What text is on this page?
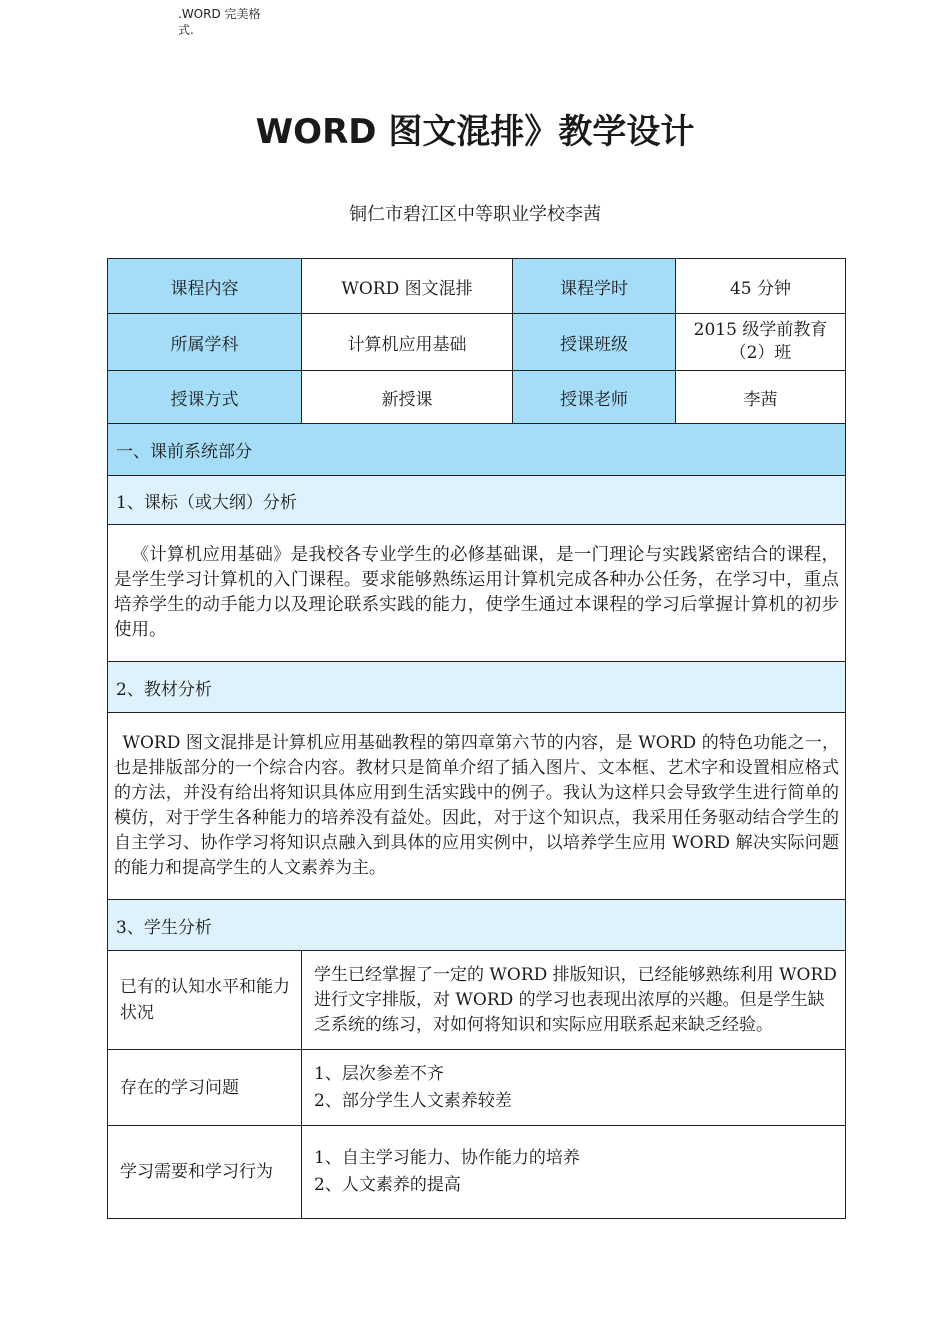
.WORD 完美格
式.
WORD 图文混排》教学设计
铜仁市碧江区中等职业学校李茜
课程内容	WORD 图文混排	课程学时	45 分钟
所属学科	计算机应用基础	授课班级	2015 级学前教育（2）班
授课方式	新授课	授课老师	李茜
一、课前系统部分			
1、课标（或大纲）分析			
《计算机应用基础》是我校各专业学生的必修基础课，是一门理论与实践紧密结合的课程，是学生学习计算机的入门课程。要求能够熟练运用计算机完成各种办公任务，在学习中，重点培养学生的动手能力以及理论联系实践的能力，使学生通过本课程的学习后掌握计算机的初步使用。			
2、教材分析			
WORD 图文混排是计算机应用基础教程的第四章第六节的内容，是 WORD 的特色功能之一，也是排版部分的一个综合内容。教材只是简单介绍了插入图片、文本框、艺术字和设置相应格式的方法，并没有给出将知识具体应用到生活实践中的例子。我认为这样只会导致学生进行简单的模仿，对于学生各种能力的培养没有益处。因此，对于这个知识点，我采用任务驱动结合学生的自主学习、协作学习将知识点融入到具体的应用实例中，以培养学生应用 WORD 解决实际问题的能力和提高学生的人文素养为主。			
3、学生分析			
已有的认知水平和能力状况	学生已经掌握了一定的 WORD 排版知识，已经能够熟练利用 WORD 进行文字排版，对 WORD 的学习也表现出浓厚的兴趣。但是学生缺乏系统的练习，对如何将知识和实际应用联系起来缺乏经验。		
存在的学习问题	1、层次参差不齐
2、部分学生人文素养较差		

学习需要和学习行为	1、自主学习能力、协作能力的培养
2、人文素养的提高		
